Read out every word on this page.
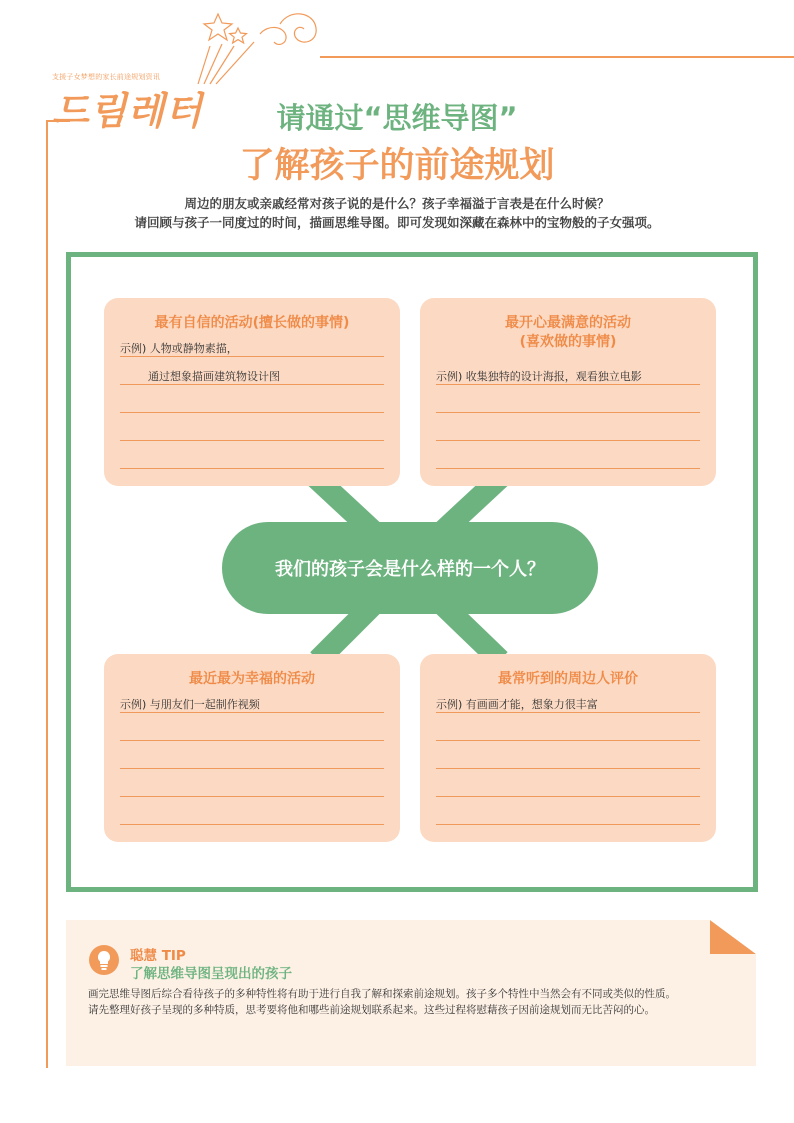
支援子女梦想的家长前途规划资讯
드림레터	请通过“思维导图”
了解孩子的前途规划
周边的朋友或亲戚经常对孩子说的是什么？孩子幸福溢于言表是在什么时候？
请回顾与孩子一同度过的时间，描画思维导图。即可发现如深藏在森林中的宝物般的子女强项。
最有自信的活动(擅长做的事情)
示例) 人物或静物素描，
通过想象描画建筑物设计图
最开心最满意的活动
(喜欢做的事情)
示例) 收集独特的设计海报，观看独立电影
我们的孩子会是什么样的一个人？
最近最为幸福的活动
示例) 与朋友们一起制作视频
最常听到的周边人评价
示例) 有画画才能，想象力很丰富
聪慧 TIP
了解思维导图呈现出的孩子
画完思维导图后综合看待孩子的多种特性将有助于进行自我了解和探索前途规划。孩子多个特性中当然会有不同或类似的性质。
请先整理好孩子呈现的多种特质，思考要将他和哪些前途规划联系起来。这些过程将慰藉孩子因前途规划而无比苦闷的心。
